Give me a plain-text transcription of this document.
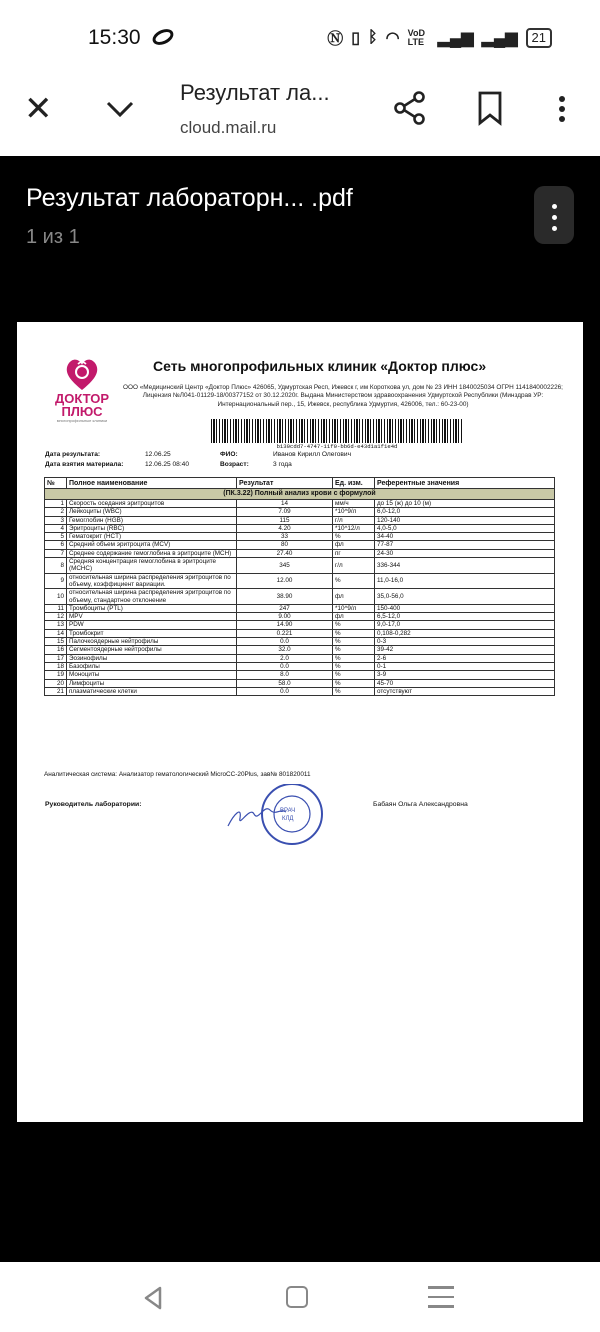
15:30	Ⓝ ▯ ᛒ ◠ VoD LTE ▂▄▆ ▂▄▆	21
✕	Результат ла...
cloud.mail.ru
Результат лабораторн... .pdf
1 из 1
ДОКТОР
ПЛЮС
многопрофильные клиники
Сеть многопрофильных клиник «Доктор плюс»
ООО «Медицинский Центр «Доктор Плюс» 426065, Удмуртская Респ, Ижевск г, им Короткова ул, дом № 23 ИНН 1840025034 ОГРН 1141840002226; Лицензия №Л041-01129-18/00377152 от 30.12.2020г. Выдана Министерством здравоохранения Удмуртской Республики (Минздрав УР: Интернациональный пер., 15, Ижевск, республика Удмуртия, 426006, тел.: 60-23-00)
b130cdd7-4747-11f0-bb6d-e43d1a1f1e4d
Дата результата:	12.06.25
Дата взятия материала:	12.06.25 08:40
ФИО:	Иванов Кирилл Олегович
Возраст:	3 года
№	Полное наименование	Результат	Ед. изм.	Референтные значения
(ПК.3.22) Полный анализ крови с формулой				
1	Скорость оседания эритроцитов	14	мм/ч	до 15 (ж) до 10 (м)
2	Лейкоциты (WBC)	7.09	*10^9/л	6,0-12,0
3	Гемоглобин (HGB)	115	г/л	120-140
4	Эритроциты (RBC)	4.20	*10^12/л	4,0-5,0
5	Гематокрит (HCT)	33	%	34-40
6	Средний объем эритроцита (MCV)	80	фл	77-87
7	Среднее содержание гемоглобина в эритроците (MCH)	27.40	пг	24-30
8	Средняя концентрация гемоглобина в эритроците (MCHC)	345	г/л	336-344
9	относительная ширина распределения эритроцитов по объему, коэффициент вариации.	12.00	%	11,0-16,0
10	относительная ширина распределения эритроцитов по объему, стандартное отклонение	38.90	фл	35,0-56,0
11	Тромбоциты (PTL)	247	*10^9/л	150-400
12	MPV	9.00	фл	6,5-12,0
13	PDW	14.90	%	9,0-17,0
14	Тромбокрит	0.221	%	0,108-0,282
15	Палочкоядерные нейтрофилы	0.0	%	0-3
16	Сегментоядерные нейтрофилы	32.0	%	39-42
17	Эозинофилы	2.0	%	2-6
18	Базофилы	0.0	%	0-1
19	Моноциты	8.0	%	3-9
20	Лимфоциты	58.0	%	45-70
21	плазматические клетки	0.0	%	отсутствуют
Аналитическая система: Анализатор гематологический MicroCC-20Plus, зав№ 801820011
Руководитель лаборатории:	Бабаян Ольга Александровна
ВРАЧ
КЛД
